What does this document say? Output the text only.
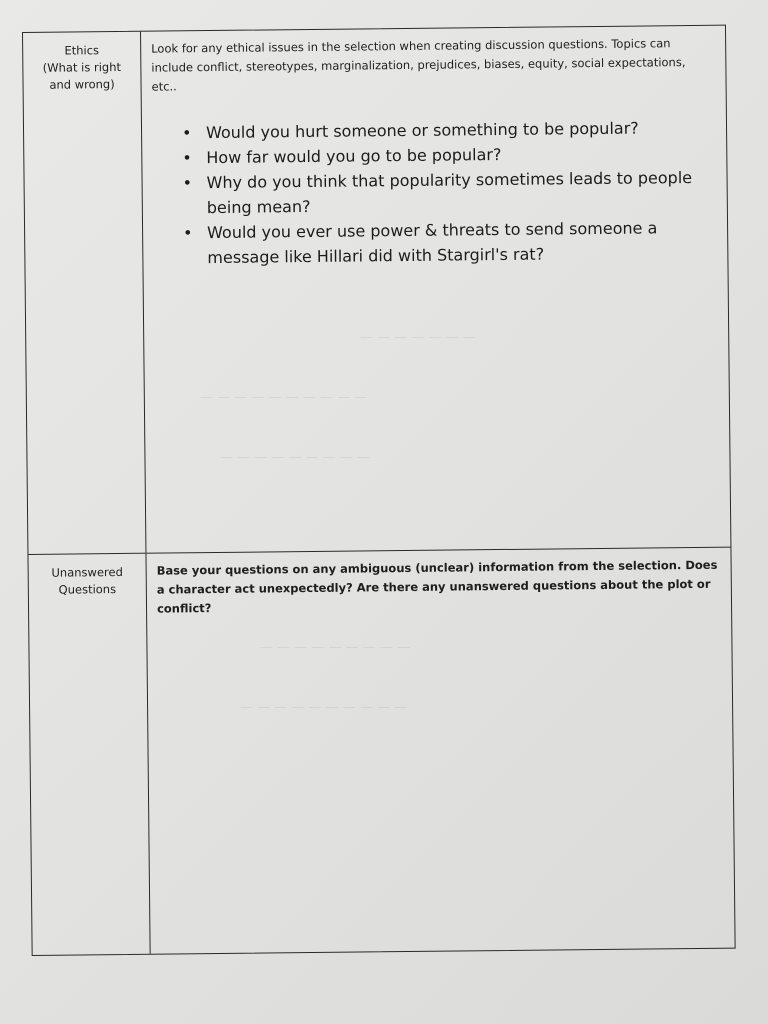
— — — — — — —
— — — — — — — — — —
— — — — — — — — —
— — — — — — — — —
— — — — — — — — — —
Ethics
(What is right
and wrong)

Look for any ethical issues in the selection when creating discussion questions. Topics can include conflict, stereotypes, marginalization, prejudices, biases, equity, social expectations, etc..

• Would you hurt someone or something to be popular?
• How far would you go to be popular?
• Why do you think that popularity sometimes leads to people being mean?
• Would you ever use power & threats to send someone a message like Hillari did with Stargirl's rat?
Unanswered
Questions

Base your questions on any ambiguous (unclear) information from the selection. Does a character act unexpectedly? Are there any unanswered questions about the plot or conflict?
